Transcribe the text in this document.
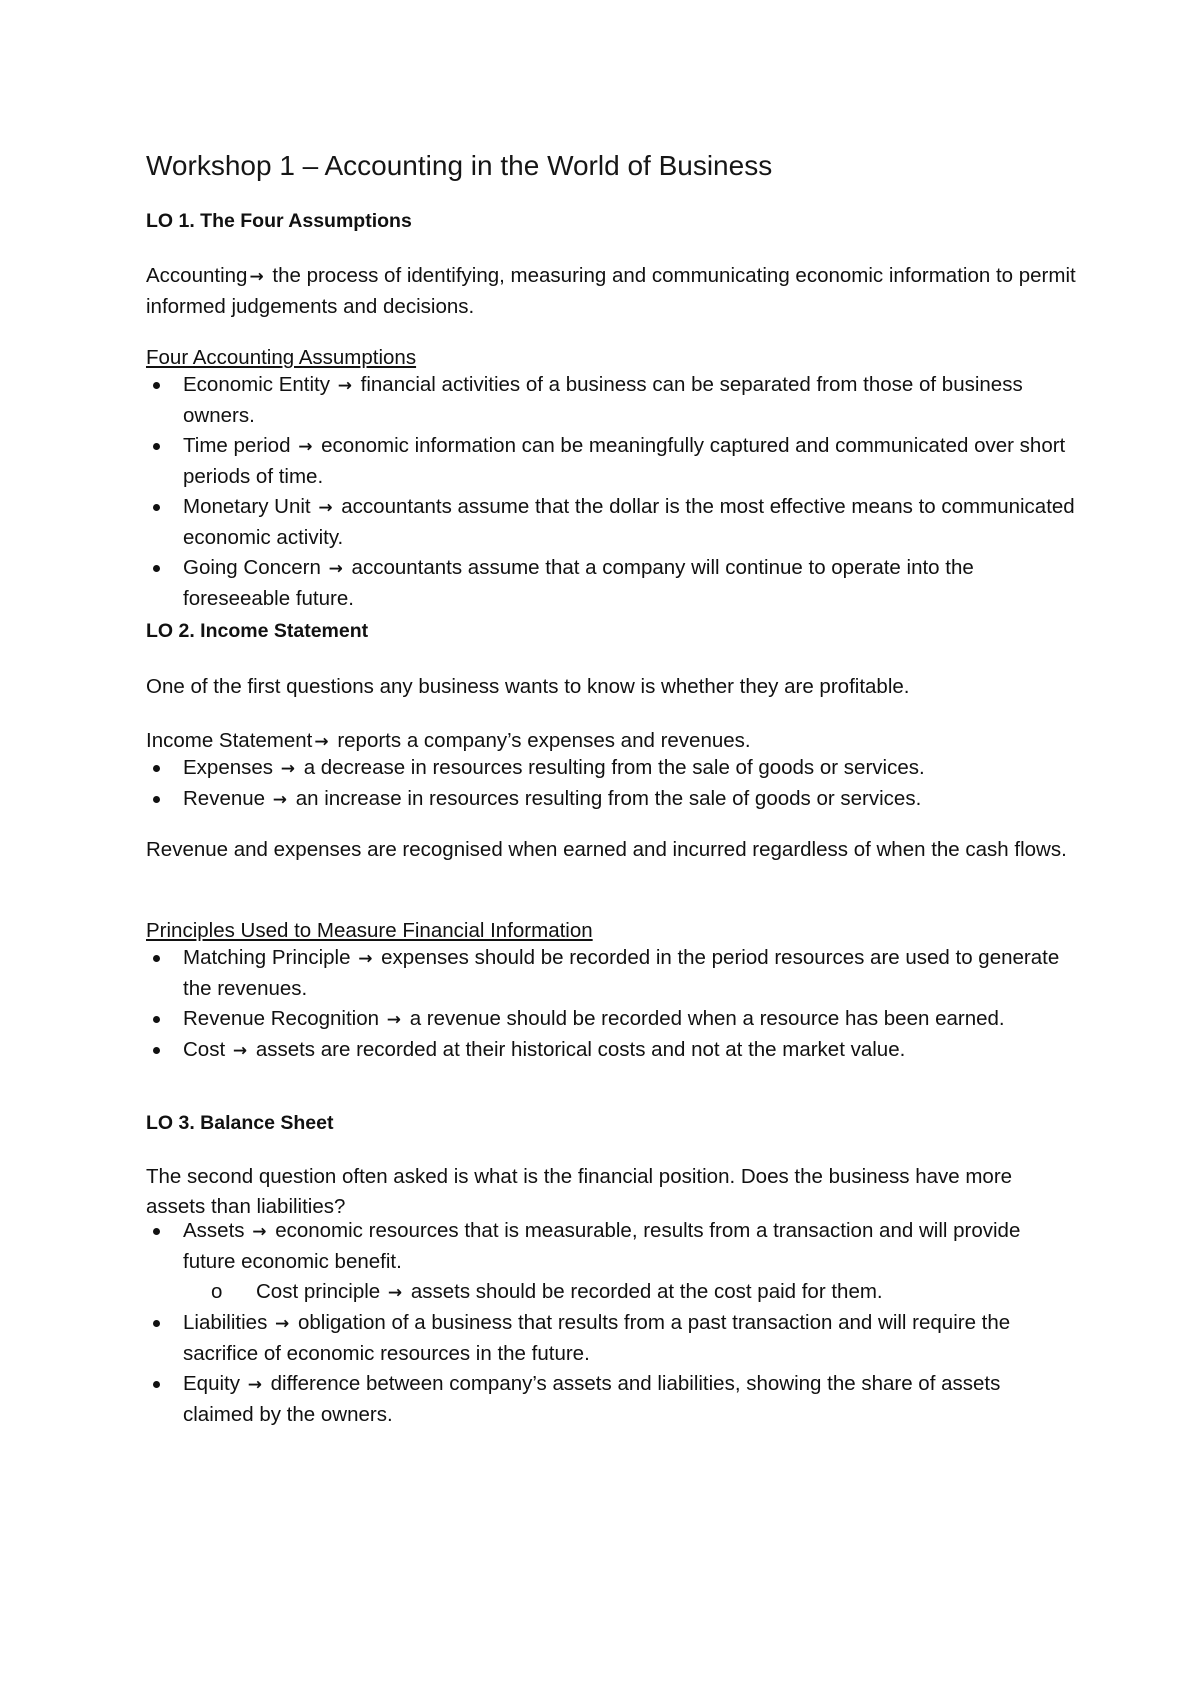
Workshop 1 – Accounting in the World of Business
LO 1. The Four Assumptions
Accounting → the process of identifying, measuring and communicating economic information to permit informed judgements and decisions.
Four Accounting Assumptions
Economic Entity → financial activities of a business can be separated from those of business owners.
Time period → economic information can be meaningfully captured and communicated over short periods of time.
Monetary Unit → accountants assume that the dollar is the most effective means to communicated economic activity.
Going Concern → accountants assume that a company will continue to operate into the foreseeable future.
LO 2. Income Statement
One of the first questions any business wants to know is whether they are profitable.
Income Statement → reports a company’s expenses and revenues.
Expenses → a decrease in resources resulting from the sale of goods or services.
Revenue → an increase in resources resulting from the sale of goods or services.
Revenue and expenses are recognised when earned and incurred regardless of when the cash flows.
Principles Used to Measure Financial Information
Matching Principle → expenses should be recorded in the period resources are used to generate the revenues.
Revenue Recognition → a revenue should be recorded when a resource has been earned.
Cost → assets are recorded at their historical costs and not at the market value.
LO 3. Balance Sheet
The second question often asked is what is the financial position. Does the business have more assets than liabilities?
Assets → economic resources that is measurable, results from a transaction and will provide future economic benefit.
o Cost principle → assets should be recorded at the cost paid for them.
Liabilities → obligation of a business that results from a past transaction and will require the sacrifice of economic resources in the future.
Equity → difference between company’s assets and liabilities, showing the share of assets claimed by the owners.
